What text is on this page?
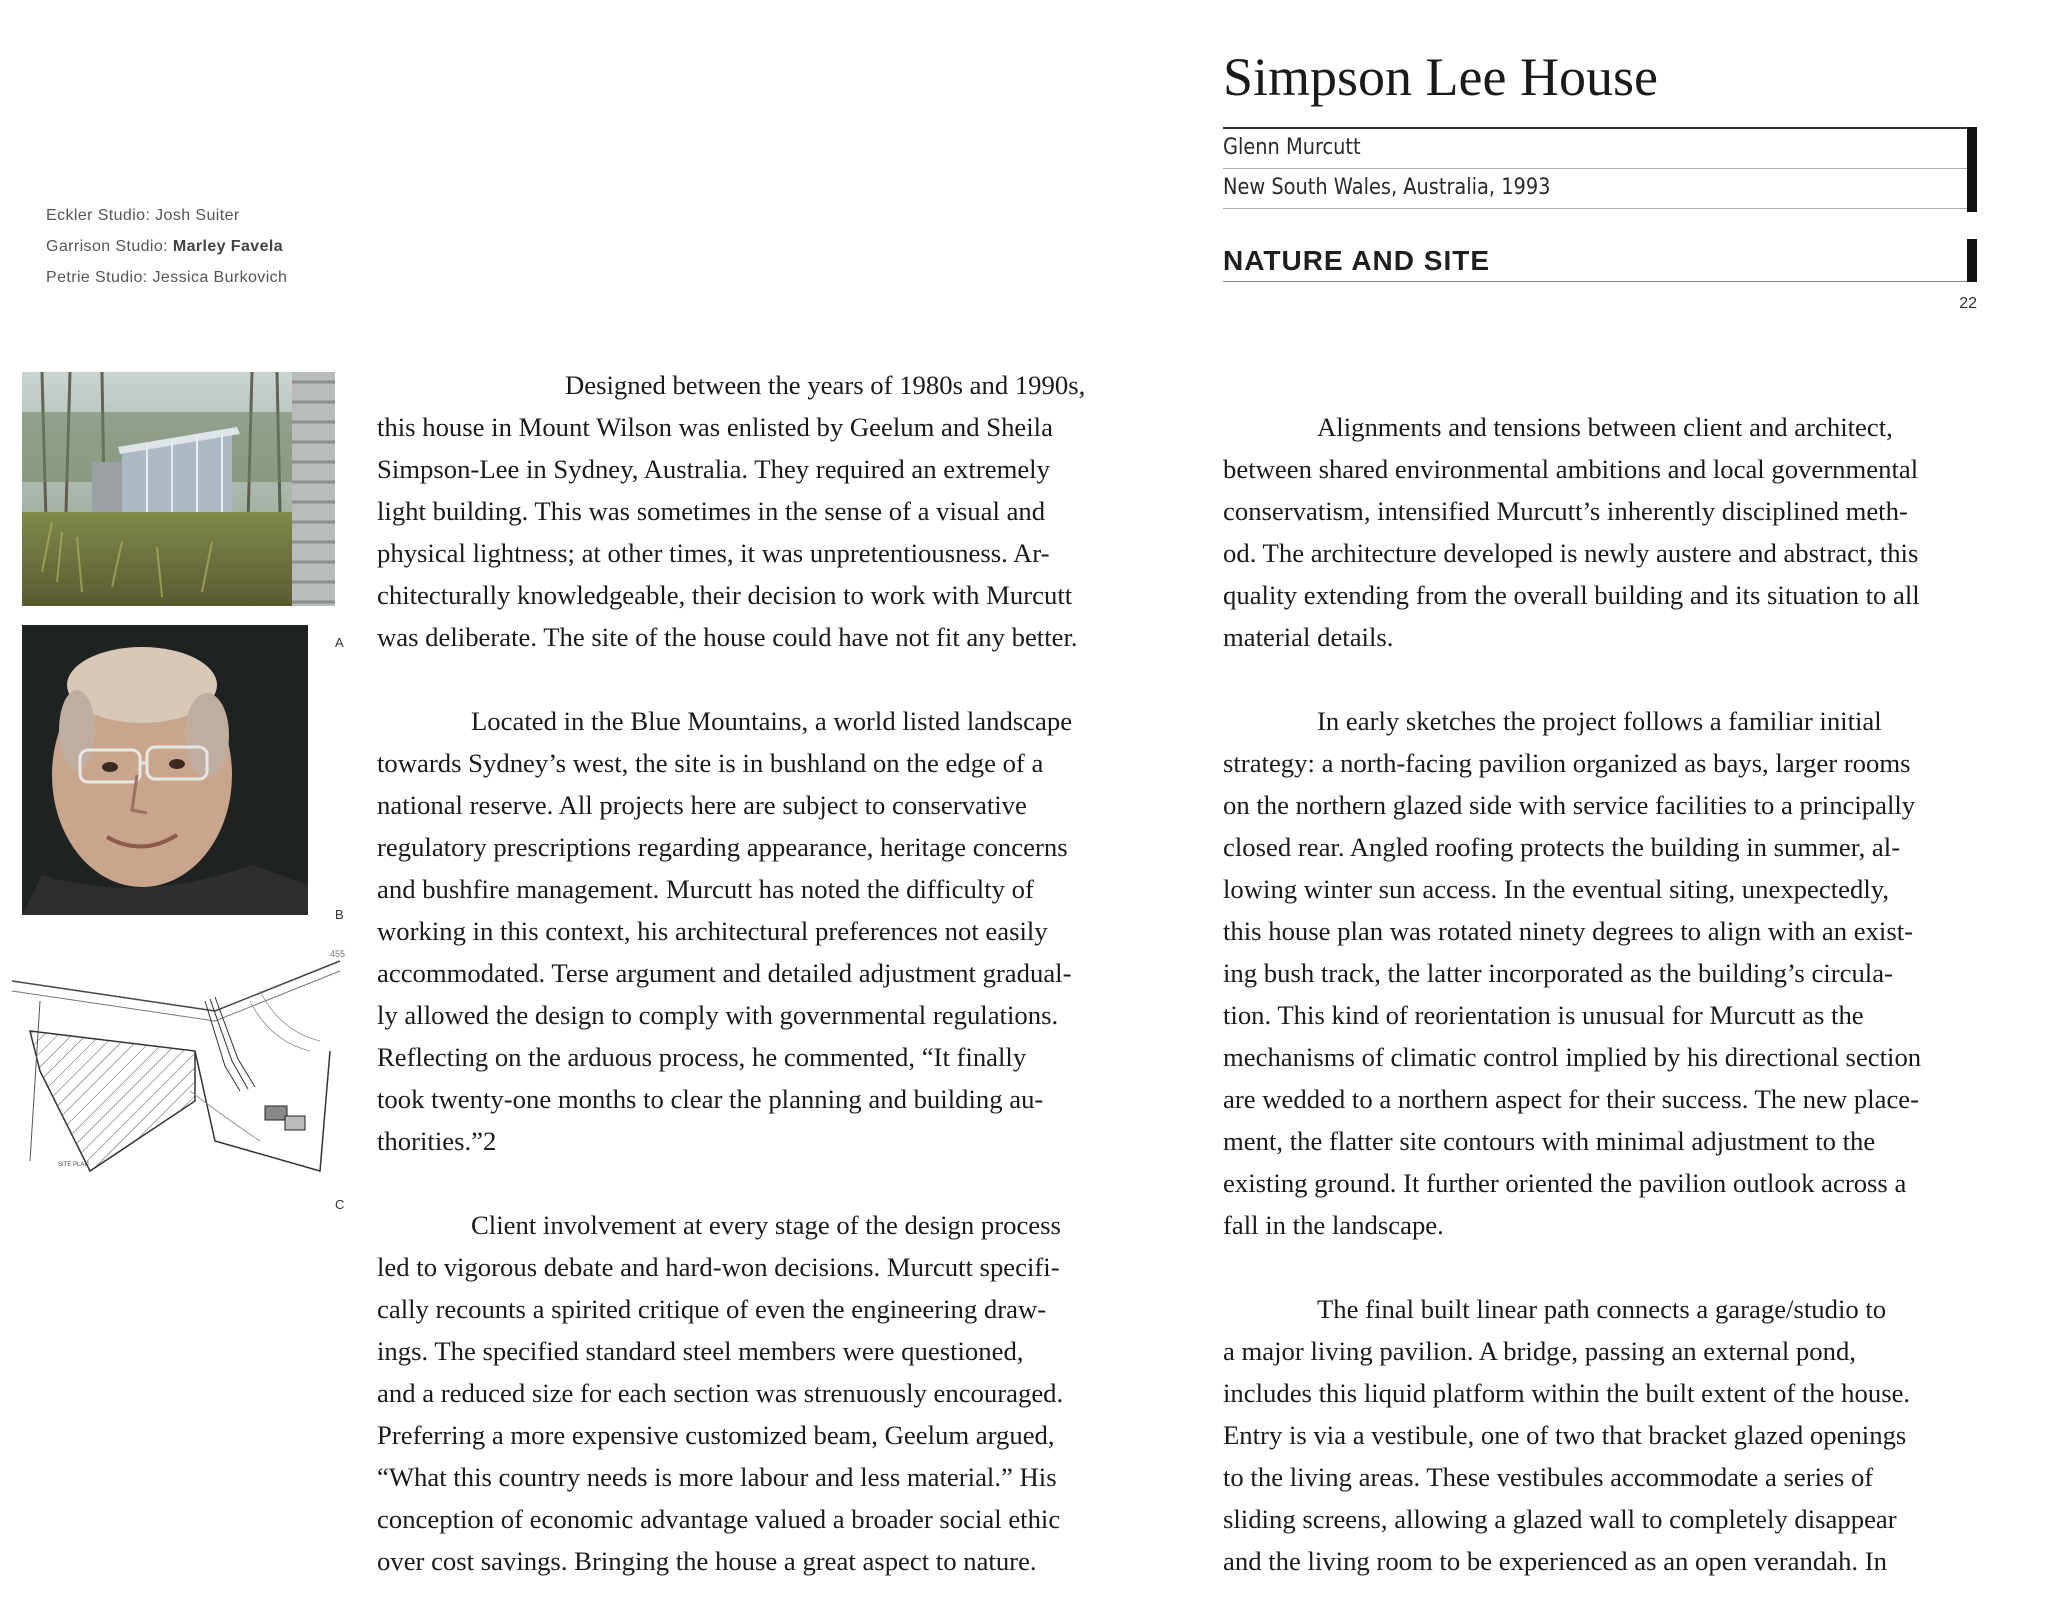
Eckler Studio: Josh Suiter
Garrison Studio: Marley Favela
Petrie Studio: Jessica Burkovich
Simpson Lee House
Glenn Murcutt
New South Wales, Australia, 1993
NATURE AND SITE
22
A
B
SITE PLAN
455
C

Designed between the years of 1980s and 1990s,
this house in Mount Wilson was enlisted by Geelum and Sheila
Simpson-Lee in Sydney, Australia. They required an extremely
light building. This was sometimes in the sense of a visual and
physical lightness; at other times, it was unpretentiousness. Ar-
chitecturally knowledgeable, their decision to work with Murcutt
was deliberate. The site of the house could have not fit any better.

Located in the Blue Mountains, a world listed landscape
towards Sydney’s west, the site is in bushland on the edge of a
national reserve. All projects here are subject to conservative
regulatory prescriptions regarding appearance, heritage concerns
and bushfire management. Murcutt has noted the difficulty of
working in this context, his architectural preferences not easily
accommodated. Terse argument and detailed adjustment gradual-
ly allowed the design to comply with governmental regulations.
Reflecting on the arduous process, he commented, “It finally
took twenty-one months to clear the planning and building au-
thorities.”2

Client involvement at every stage of the design process
led to vigorous debate and hard-won decisions. Murcutt specifi-
cally recounts a spirited critique of even the engineering draw-
ings. The specified standard steel members were questioned,
and a reduced size for each section was strenuously encouraged.
Preferring a more expensive customized beam, Geelum argued,
“What this country needs is more labour and less material.” His
conception of economic advantage valued a broader social ethic
over cost savings. Bringing the house a great aspect to nature.

Alignments and tensions between client and architect,
between shared environmental ambitions and local governmental
conservatism, intensified Murcutt’s inherently disciplined meth-
od. The architecture developed is newly austere and abstract, this
quality extending from the overall building and its situation to all
material details.

In early sketches the project follows a familiar initial
strategy: a north-facing pavilion organized as bays, larger rooms
on the northern glazed side with service facilities to a principally
closed rear. Angled roofing protects the building in summer, al-
lowing winter sun access. In the eventual siting, unexpectedly,
this house plan was rotated ninety degrees to align with an exist-
ing bush track, the latter incorporated as the building’s circula-
tion. This kind of reorientation is unusual for Murcutt as the
mechanisms of climatic control implied by his directional section
are wedded to a northern aspect for their success. The new place-
ment, the flatter site contours with minimal adjustment to the
existing ground. It further oriented the pavilion outlook across a
fall in the landscape.

The final built linear path connects a garage/studio to
a major living pavilion. A bridge, passing an external pond,
includes this liquid platform within the built extent of the house.
Entry is via a vestibule, one of two that bracket glazed openings
to the living areas. These vestibules accommodate a series of
sliding screens, allowing a glazed wall to completely disappear
and the living room to be experienced as an open verandah. In
